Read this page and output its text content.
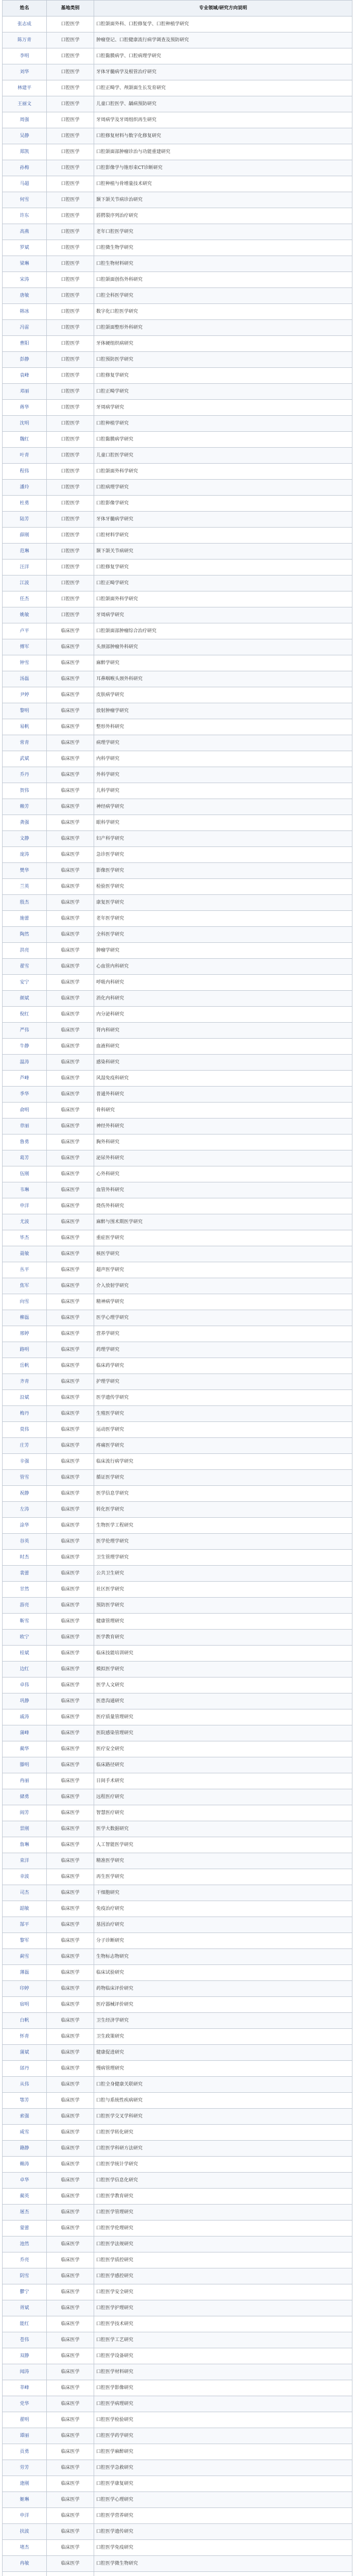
姓名	基地类别	专业领域/研究方向说明
张志成	口腔医学	口腔颌面外科、口腔修复学、口腔种植学研究
陈万青	口腔医学	肿瘤登记、口腔健康流行病学调查及预防研究
李明	口腔医学	口腔黏膜病学、口腔病理学研究
刘华	口腔医学	牙体牙髓病学及根管治疗研究
林建平	口腔医学	口腔正畸学、颅颌面生长发育研究
王丽文	口腔医学	儿童口腔医学、龋病预防研究
周强	口腔医学	牙周病学及牙周组织再生研究
吴静	口腔医学	口腔修复材料与数字化修复研究
郑凯	口腔医学	口腔颌面部肿瘤诊治与功能重建研究
孙梅	口腔医学	口腔影像学与锥形束CT诊断研究
马超	口腔医学	口腔种植与骨增量技术研究
何雪	口腔医学	颞下颌关节病诊治研究
许东	口腔医学	唇腭裂序列治疗研究
高燕	口腔医学	老年口腔医学研究
罗斌	口腔医学	口腔微生物学研究
梁琳	口腔医学	口腔生物材料研究
宋涛	口腔医学	口腔颌面创伤外科研究
唐敏	口腔医学	口腔全科医学研究
韩冰	口腔医学	数字化口腔医学研究
冯雷	口腔医学	口腔颌面整形外科研究
曹阳	口腔医学	牙体硬组织病研究
彭静	口腔医学	口腔预防医学研究
袁峰	口腔医学	口腔修复学研究
邓丽	口腔医学	口腔正畸学研究
蒋华	口腔医学	牙周病学研究
沈明	口腔医学	口腔种植学研究
魏红	口腔医学	口腔黏膜病学研究
叶青	口腔医学	儿童口腔医学研究
程伟	口腔医学	口腔颌面外科学研究
潘玲	口腔医学	口腔病理学研究
杜勇	口腔医学	口腔影像学研究
陆芳	口腔医学	牙体牙髓病学研究
薛刚	口腔医学	口腔材料学研究
范琳	口腔医学	颞下颌关节病研究
汪洋	口腔医学	口腔修复学研究
江波	口腔医学	口腔正畸学研究
任杰	口腔医学	口腔颌面外科学研究
姚敏	口腔医学	牙周病学研究
卢平	临床医学	口腔颌面部肿瘤综合治疗研究
傅军	临床医学	头颈部肿瘤外科研究
钟雪	临床医学	麻醉学研究
汤磊	临床医学	耳鼻咽喉头颈外科研究
尹婷	临床医学	皮肤病学研究
黎明	临床医学	放射肿瘤学研究
易帆	临床医学	整形外科研究
常青	临床医学	病理学研究
武斌	临床医学	内科学研究
乔丹	临床医学	外科学研究
贺伟	临床医学	儿科学研究
赖芳	临床医学	神经病学研究
龚强	临床医学	眼科学研究
文静	临床医学	妇产科学研究
庞涛	临床医学	急诊医学研究
樊华	临床医学	影像医学研究
兰英	临床医学	检验医学研究
殷杰	临床医学	康复医学研究
施蕾	临床医学	老年医学研究
陶然	临床医学	全科医学研究
洪亮	临床医学	肿瘤学研究
翟雪	临床医学	心血管内科研究
安宁	临床医学	呼吸内科研究
颜斌	临床医学	消化内科研究
倪红	临床医学	内分泌科研究
严伟	临床医学	肾内科研究
牛静	临床医学	血液科研究
温涛	临床医学	感染科研究
芦峰	临床医学	风湿免疫科研究
季华	临床医学	普通外科研究
俞明	临床医学	骨科研究
章丽	临床医学	神经外科研究
鲁勇	临床医学	胸外科研究
葛芳	临床医学	泌尿外科研究
伍刚	临床医学	心外科研究
韦琳	临床医学	血管外科研究
申洋	临床医学	烧伤外科研究
尤波	临床医学	麻醉与围术期医学研究
毕杰	临床医学	重症医学研究
聂敏	临床医学	核医学研究
丛平	临床医学	超声医学研究
焦军	临床医学	介入放射学研究
向雪	临床医学	精神病学研究
柳磊	临床医学	医学心理学研究
邢婷	临床医学	营养学研究
路明	临床医学	药理学研究
岳帆	临床医学	临床药学研究
齐青	临床医学	护理学研究
沿斌	临床医学	医学遗传学研究
梅丹	临床医学	生殖医学研究
莫伟	临床医学	运动医学研究
庄芳	临床医学	疼痛医学研究
辛强	临床医学	临床流行病学研究
管雪	临床医学	循证医学研究
祝静	临床医学	医学信息学研究
左涛	临床医学	转化医学研究
涂华	临床医学	生物医学工程研究
谷英	临床医学	医学伦理学研究
时杰	临床医学	卫生管理学研究
裴蕾	临床医学	公共卫生研究
甘然	临床医学	社区医学研究
游亮	临床医学	预防医学研究
靳雪	临床医学	健康管理研究
欧宁	临床医学	医学教育研究
桂斌	临床医学	临床技能培训研究
边红	临床医学	模拟医学研究
卓伟	临床医学	医学人文研究
巩静	临床医学	医患沟通研究
戚涛	临床医学	医疗质量管理研究
蒲峰	临床医学	医院感染管理研究
蔺华	临床医学	医疗安全研究
滕明	临床医学	临床路径研究
冉丽	临床医学	日间手术研究
储勇	临床医学	远程医疗研究
阎芳	临床医学	智慧医疗研究
景刚	临床医学	医学大数据研究
詹琳	临床医学	人工智能医学研究
束洋	临床医学	精准医学研究
幸波	临床医学	再生医学研究
司杰	临床医学	干细胞研究
韶敏	临床医学	免疫治疗研究
郜平	临床医学	基因治疗研究
黎军	临床医学	分子诊断研究
蓟雪	临床医学	生物标志物研究
薄磊	临床医学	临床试验研究
印婷	临床医学	药物临床评价研究
宿明	临床医学	医疗器械评价研究
白帆	临床医学	卫生经济学研究
怀青	临床医学	卫生政策研究
蒲斌	临床医学	健康促进研究
邰丹	临床医学	慢病管理研究
从伟	临床医学	口腔全身健康关联研究
鄂芳	临床医学	口腔与系统性疾病研究
索强	临床医学	口腔医学交叉学科研究
咸雪	临床医学	口腔医学转化研究
籍静	临床医学	口腔医学科研方法研究
赖涛	临床医学	口腔医学统计学研究
卓华	临床医学	口腔医学信息化研究
蔺英	临床医学	口腔医学教育研究
屠杰	临床医学	口腔医学管理研究
蒙蕾	临床医学	口腔医学伦理研究
池然	临床医学	口腔医学法规研究
乔亮	临床医学	口腔医学质控研究
阴雪	临床医学	口腔医学感控研究
鬱宁	临床医学	口腔医学安全研究
胥斌	临床医学	口腔医学护理研究
能红	临床医学	口腔医学技术研究
苍伟	临床医学	口腔医学工艺研究
双静	临床医学	口腔医学设备研究
闻涛	临床医学	口腔医学材料研究
莘峰	临床医学	口腔医学影像研究
党华	临床医学	口腔医学病理研究
翟明	临床医学	口腔医学检验研究
谭丽	临床医学	口腔医学药学研究
贡勇	临床医学	口腔医学麻醉研究
劳芳	临床医学	口腔医学急救研究
逄刚	临床医学	口腔医学康复研究
姬琳	临床医学	口腔医学心理研究
申洋	临床医学	口腔医学营养研究
扶波	临床医学	口腔医学遗传研究
堵杰	临床医学	口腔医学免疫研究
冉敏	临床医学	口腔医学微生物研究
